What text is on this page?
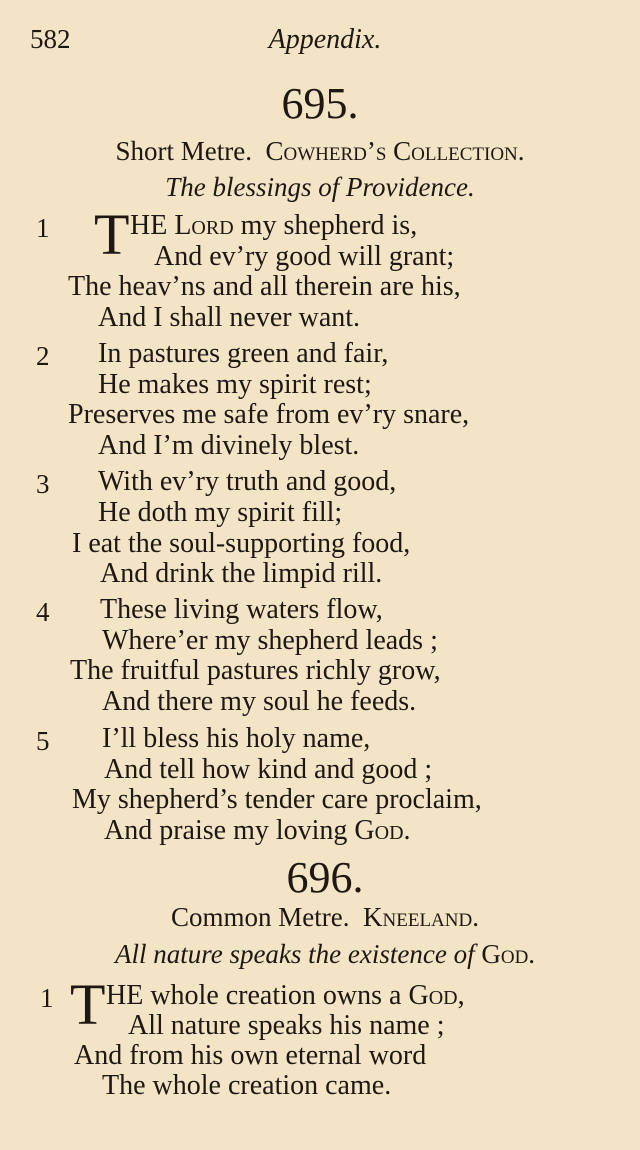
582	Appendix.
695.
Short Metre. Cowherd’s Collection.
The blessings of Providence.
1 T HE Lord my shepherd is,
And ev’ry good will grant;
The heav’ns and all therein are his,
And I shall never want.
2 In pastures green and fair,
He makes my spirit rest;
Preserves me safe from ev’ry snare,
And I’m divinely blest.
3 With ev’ry truth and good,
He doth my spirit fill;
I eat the soul-supporting food,
And drink the limpid rill.
4 These living waters flow,
Where’er my shepherd leads ;
The fruitful pastures richly grow,
And there my soul he feeds.
5 I’ll bless his holy name,
And tell how kind and good ;
My shepherd’s tender care proclaim,
And praise my loving God.
696.
Common Metre. Kneeland.
All nature speaks the existence of God.
1 T HE whole creation owns a God,
All nature speaks his name ;
And from his own eternal word
The whole creation came.
